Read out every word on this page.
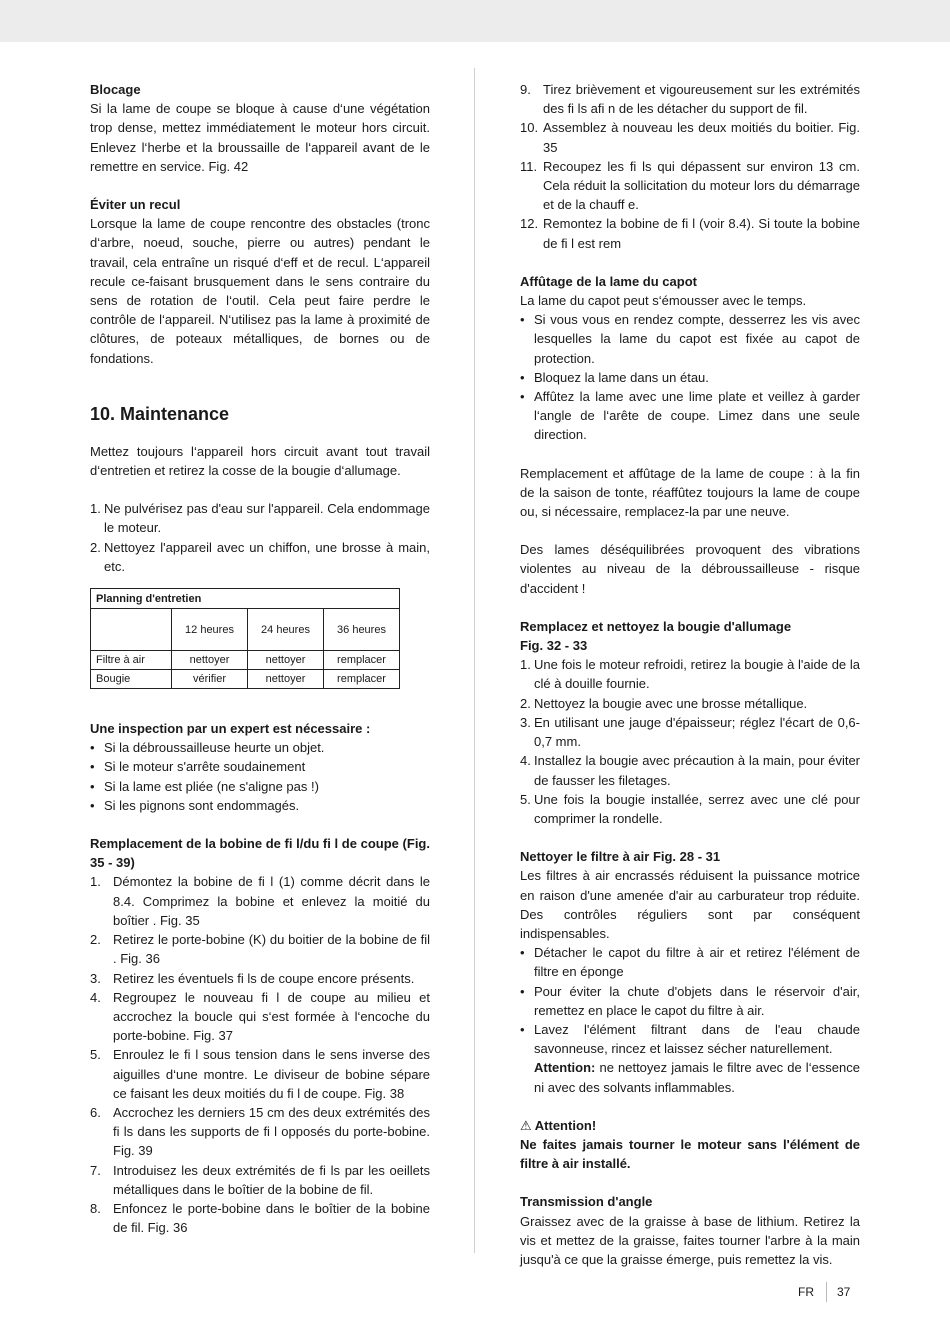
Blocage

Si la lame de coupe se bloque à cause d‘une végétation trop dense, mettez immédiatement le moteur hors circuit. Enlevez l‘herbe et la broussaille de l‘appareil avant de le remettre en service. Fig. 42

Éviter un recul

Lorsque la lame de coupe rencontre des obstacles (tronc d‘arbre, noeud, souche, pierre ou autres) pendant le travail, cela entraîne un risqué d‘eff et de recul. L‘appareil recule ce-faisant brusquement dans le sens contraire du sens de rotation de l‘outil. Cela peut faire perdre le contrôle de l‘appareil. N‘utilisez pas la lame à proximité de clôtures, de poteaux métalliques, de bornes ou de fondations.

10. Maintenance

Mettez toujours l‘appareil hors circuit avant tout travail d‘entretien et retirez la cosse de la bougie d‘allumage.

1. Ne pulvérisez pas d'eau sur l'appareil. Cela endommage le moteur.
2. Nettoyez l'appareil avec un chiffon, une brosse à main, etc.
Planning d'entretien			
	12 heures	24 heures	36 heures
Filtre à air	nettoyer	nettoyer	remplacer
Bougie	vérifier	nettoyer	remplacer

Une inspection par un expert est nécessaire :

• Si la débroussailleuse heurte un objet.
• Si le moteur s'arrête soudainement
• Si la lame est pliée (ne s'aligne pas !)
• Si les pignons sont endommagés.

Remplacement de la bobine de fi l/du fi l de coupe (Fig. 35 - 39)

1. Démontez la bobine de fi l (1) comme décrit dans le 8.4. Comprimez la bobine et enlevez la moitié du boîtier . Fig. 35
2. Retirez le porte-bobine (K) du boitier de la bobine de fil . Fig. 36
3. Retirez les éventuels fi ls de coupe encore présents.
4. Regroupez le nouveau fi l de coupe au milieu et accrochez la boucle qui s‘est formée à l‘encoche du porte-bobine. Fig. 37
5. Enroulez le fi l sous tension dans le sens inverse des aiguilles d‘une montre. Le diviseur de bobine sépare ce faisant les deux moitiés du fi l de coupe. Fig. 38
6. Accrochez les derniers 15 cm des deux extrémités des fi ls dans les supports de fi l opposés du porte-bobine. Fig. 39
7. Introduisez les deux extrémités de fi ls par les oeillets métalliques dans le boîtier de la bobine de fil.
8. Enfoncez le porte-bobine dans le boîtier de la bobine de fil. Fig. 36
9. Tirez brièvement et vigoureusement sur les extrémités des fi ls afi n de les détacher du support de fil.
10. Assemblez à nouveau les deux moitiés du boitier. Fig. 35
11. Recoupez les fi ls qui dépassent sur environ 13 cm. Cela réduit la sollicitation du moteur lors du démarrage et de la chauff e.
12. Remontez la bobine de fi l (voir 8.4). Si toute la bobine de fi l est rem

Affûtage de la lame du capot

La lame du capot peut s‘émousser avec le temps.

• Si vous vous en rendez compte, desserrez les vis avec lesquelles la lame du capot est fixée au capot de protection.
• Bloquez la lame dans un étau.
• Affûtez la lame avec une lime plate et veillez à garder l‘angle de l‘arête de coupe. Limez dans une seule direction.

Remplacement et affûtage de la lame de coupe : à la fin de la saison de tonte, réaffûtez toujours la lame de coupe ou, si nécessaire, remplacez-la par une neuve.

Des lames déséquilibrées provoquent des vibrations violentes au niveau de la débroussailleuse - risque d'accident !

Remplacez et nettoyez la bougie d'allumage

Fig. 32 - 33

1. Une fois le moteur refroidi, retirez la bougie à l'aide de la clé à douille fournie.
2. Nettoyez la bougie avec une brosse métallique.
3. En utilisant une jauge d'épaisseur; réglez l'écart de 0,6-0,7 mm.
4. Installez la bougie avec précaution à la main, pour éviter de fausser les filetages.
5. Une fois la bougie installée, serrez avec une clé pour comprimer la rondelle.

Nettoyer le filtre à air Fig. 28 - 31

Les filtres à air encrassés réduisent la puissance motrice en raison d'une amenée d'air au carburateur trop réduite. Des contrôles réguliers sont par conséquent indispensables.

• Détacher le capot du filtre à air et retirez l'élément de filtre en éponge
• Pour éviter la chute d'objets dans le réservoir d'air, remettez en place le capot du filtre à air.
• Lavez l'élément filtrant dans de l'eau chaude savonneuse, rincez et laissez sécher naturellement.

Attention: ne nettoyez jamais le filtre avec de l‘essence ni avec des solvants inflammables.

⚠ Attention!

Ne faites jamais tourner le moteur sans l'élément de filtre à air installé.

Transmission d'angle

Graissez avec de la graisse à base de lithium. Retirez la vis et mettez de la graisse, faites tourner l'arbre à la main jusqu'à ce que la graisse émerge, puis remettez la vis.

FR 37
